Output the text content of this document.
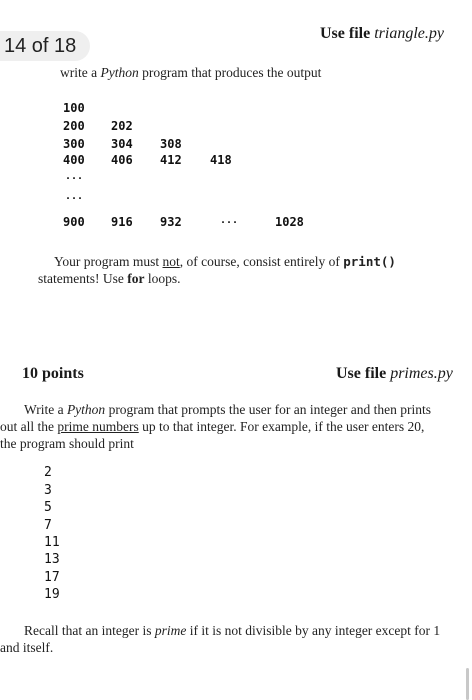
Use file triangle.py
14 of 18
write a Python program that produces the output
100
200 202
300 304 308
400 406 412 418
...
...
900 916 932	...	1028
Your program must not, of course, consist entirely of print()
statements! Use for loops.
10 points	Use file primes.py
Write a Python program that prompts the user for an integer and then prints
out all the prime numbers up to that integer. For example, if the user enters 20,
the program should print
2
3
5
7
11
13
17
19
Recall that an integer is prime if it is not divisible by any integer except for 1
and itself.
